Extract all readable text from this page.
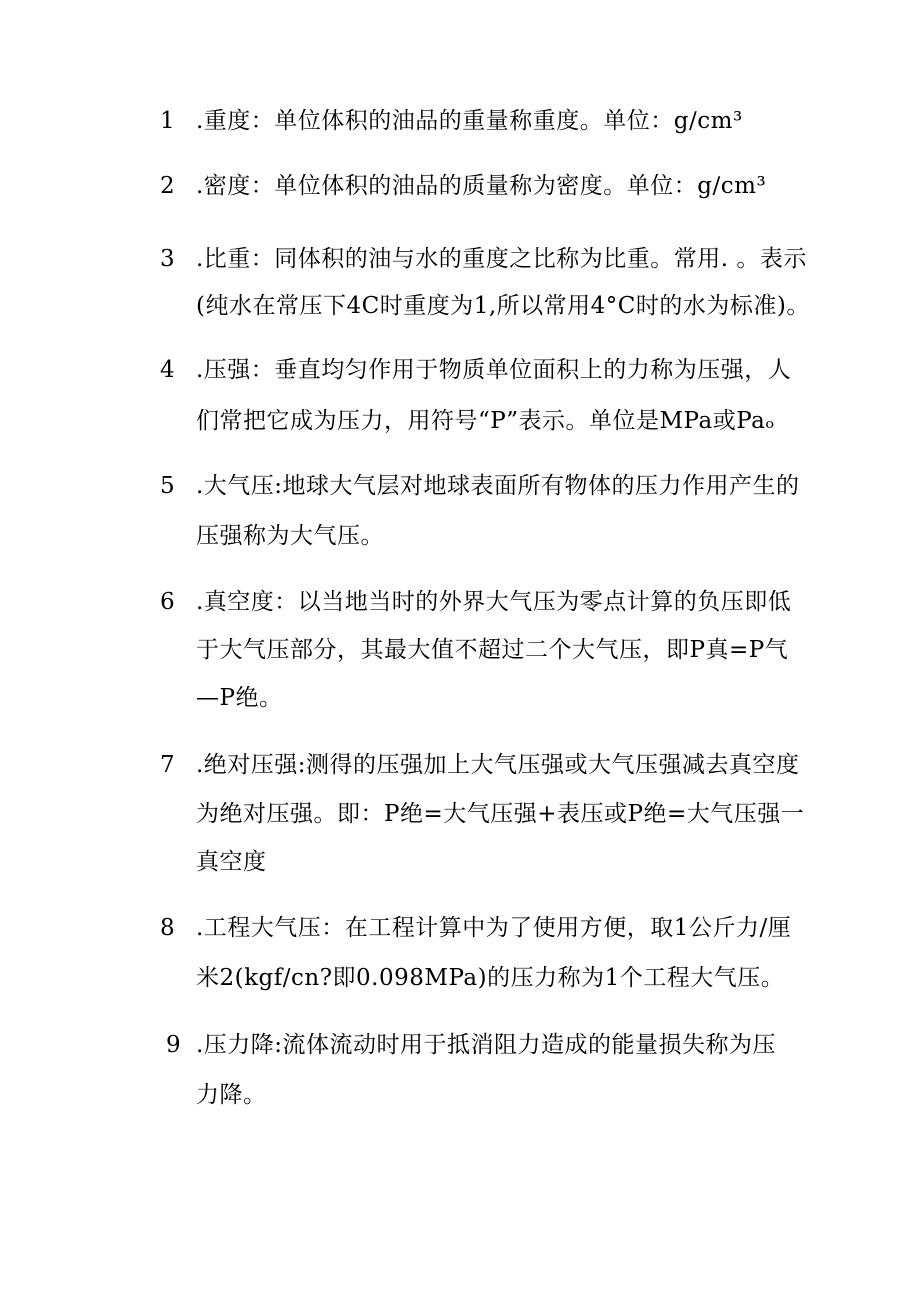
1 .重度：单位体积的油品的重量称重度。单位：g∕cm³
2 .密度：单位体积的油品的质量称为密度。单位：g∕cm³
3 .比重：同体积的油与水的重度之比称为比重。常用. 。表示
(纯水在常压下4C时重度为1,所以常用4°C时的水为标准)。
4 .压强：垂直均匀作用于物质单位面积上的力称为压强，人
们常把它成为压力，用符号“P”表示。单位是MPa或Paₒ
5 .大气压:地球大气层对地球表面所有物体的压力作用产生的
压强称为大气压。
6 .真空度：以当地当时的外界大气压为零点计算的负压即低
于大气压部分，其最大值不超过二个大气压，即P真=P气
—P绝。
7 .绝对压强:测得的压强加上大气压强或大气压强减去真空度
为绝对压强。即：P绝=大气压强+表压或P绝=大气压强一
真空度
8 .工程大气压：在工程计算中为了使用方便，取1公斤力/厘
米2(kgf/cn?即0.098MPa)的压力称为1个工程大气压。
9 .压力降:流体流动时用于抵消阻力造成的能量损失称为压
力降。
